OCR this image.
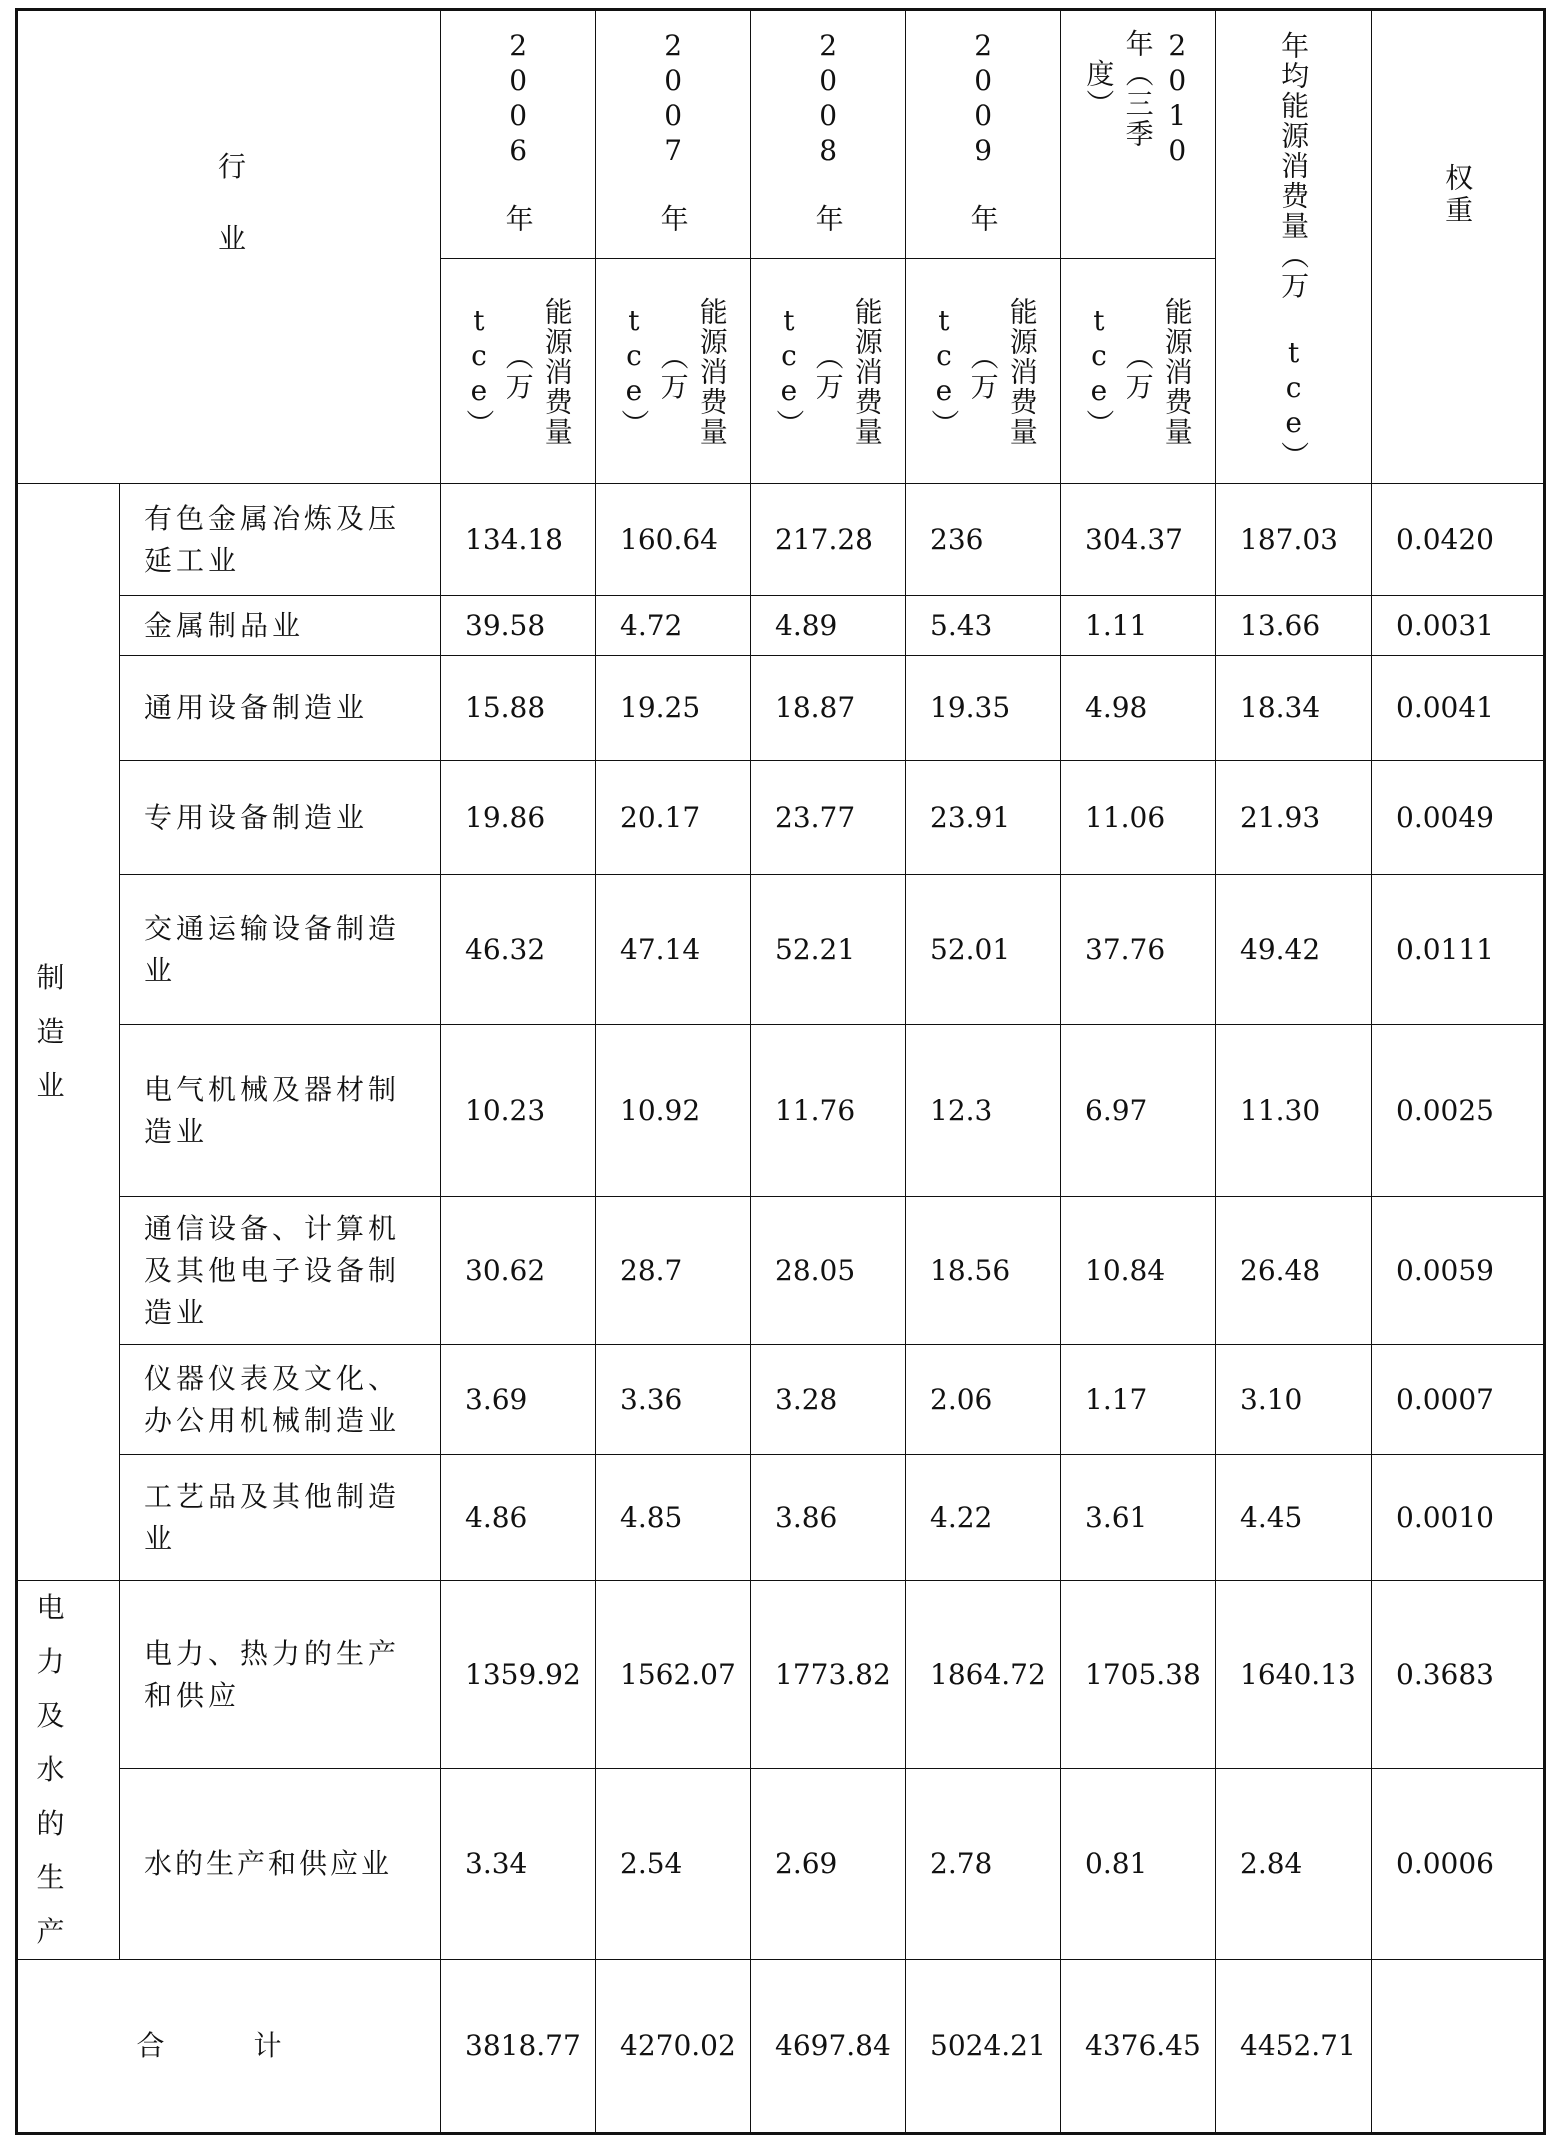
行
业		2006 年	2007 年	2008 年	2009 年	2010 年（三季度）	年均能源消费量（万 tce）	权重
		能源消费量（万 tce）	能源消费量（万 tce）	能源消费量（万 tce）	能源消费量（万 tce）	能源消费量（万 tce）		
制造业	有色金属冶炼及压延工业	134.18	160.64	217.28	236	304.37	187.03	0.0420
	金属制品业	39.58	4.72	4.89	5.43	1.11	13.66	0.0031
	通用设备制造业	15.88	19.25	18.87	19.35	4.98	18.34	0.0041
	专用设备制造业	19.86	20.17	23.77	23.91	11.06	21.93	0.0049
	交通运输设备制造业	46.32	47.14	52.21	52.01	37.76	49.42	0.0111
	电气机械及器材制造业	10.23	10.92	11.76	12.3	6.97	11.30	0.0025
	通信设备、计算机及其他电子设备制造业	30.62	28.7	28.05	18.56	10.84	26.48	0.0059
	仪器仪表及文化、办公用机械制造业	3.69	3.36	3.28	2.06	1.17	3.10	0.0007
	工艺品及其他制造业	4.86	4.85	3.86	4.22	3.61	4.45	0.0010
电力及水的生产	电力、热力的生产和供应	1359.92	1562.07	1773.82	1864.72	1705.38	1640.13	0.3683
	水的生产和供应业	3.34	2.54	2.69	2.78	0.81	2.84	0.0006
合 计		3818.77	4270.02	4697.84	5024.21	4376.45	4452.71	
